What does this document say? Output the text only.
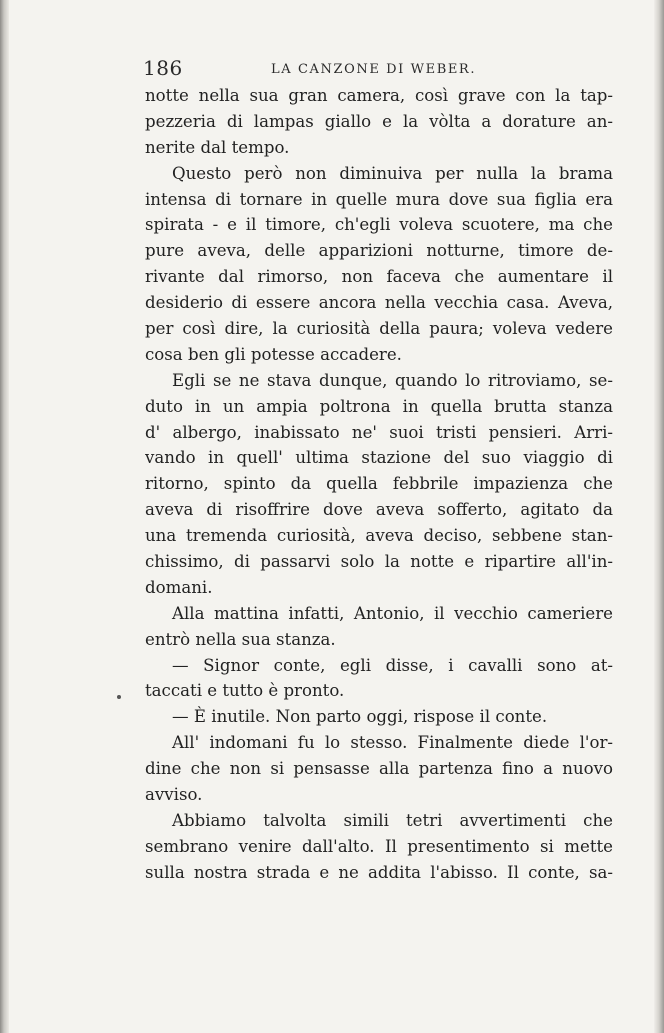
186	LA CANZONE DI WEBER.
notte nella sua gran camera, così grave con la tap-
pezzeria di lampas giallo e la vòlta a dorature an-
nerite dal tempo.
Questo però non diminuiva per nulla la brama
intensa di tornare in quelle mura dove sua figlia era
spirata - e il timore, ch'egli voleva scuotere, ma che
pure aveva, delle apparizioni notturne, timore de-
rivante dal rimorso, non faceva che aumentare il
desiderio di essere ancora nella vecchia casa. Aveva,
per così dire, la curiosità della paura; voleva vedere
cosa ben gli potesse accadere.
Egli se ne stava dunque, quando lo ritroviamo, se-
duto in un ampia poltrona in quella brutta stanza
d' albergo, inabissato ne' suoi tristi pensieri. Arri-
vando in quell' ultima stazione del suo viaggio di
ritorno, spinto da quella febbrile impazienza che
aveva di risoffrire dove aveva sofferto, agitato da
una tremenda curiosità, aveva deciso, sebbene stan-
chissimo, di passarvi solo la notte e ripartire all'in-
domani.
Alla mattina infatti, Antonio, il vecchio cameriere
entrò nella sua stanza.
— Signor conte, egli disse, i cavalli sono at-
taccati e tutto è pronto.
— È inutile. Non parto oggi, rispose il conte.
All' indomani fu lo stesso. Finalmente diede l'or-
dine che non si pensasse alla partenza fino a nuovo
avviso.
Abbiamo talvolta simili tetri avvertimenti che
sembrano venire dall'alto. Il presentimento si mette
sulla nostra strada e ne addita l'abisso. Il conte, sa-
